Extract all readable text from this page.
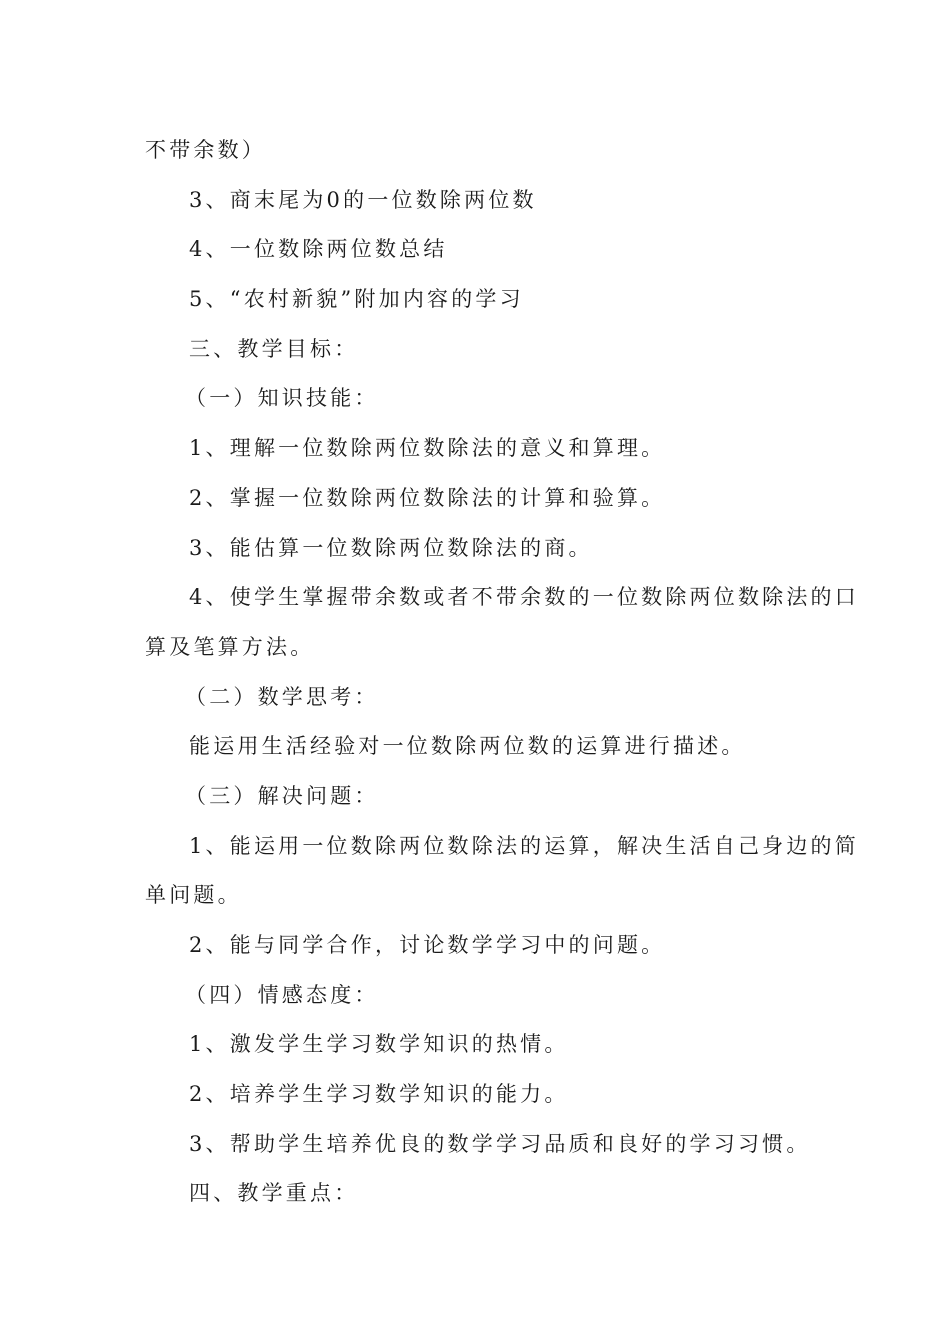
不带余数）

3、商末尾为0的一位数除两位数

4、一位数除两位数总结

5、“农村新貌”附加内容的学习

三、教学目标：

（一）知识技能：

1、理解一位数除两位数除法的意义和算理。

2、掌握一位数除两位数除法的计算和验算。

3、能估算一位数除两位数除法的商。

4、使学生掌握带余数或者不带余数的一位数除两位数除法的口

算及笔算方法。

（二）数学思考：

能运用生活经验对一位数除两位数的运算进行描述。

（三）解决问题：

1、能运用一位数除两位数除法的运算，解决生活自己身边的简

单问题。

2、能与同学合作，讨论数学学习中的问题。

（四）情感态度：

1、激发学生学习数学知识的热情。

2、培养学生学习数学知识的能力。

3、帮助学生培养优良的数学学习品质和良好的学习习惯。

四、教学重点：
